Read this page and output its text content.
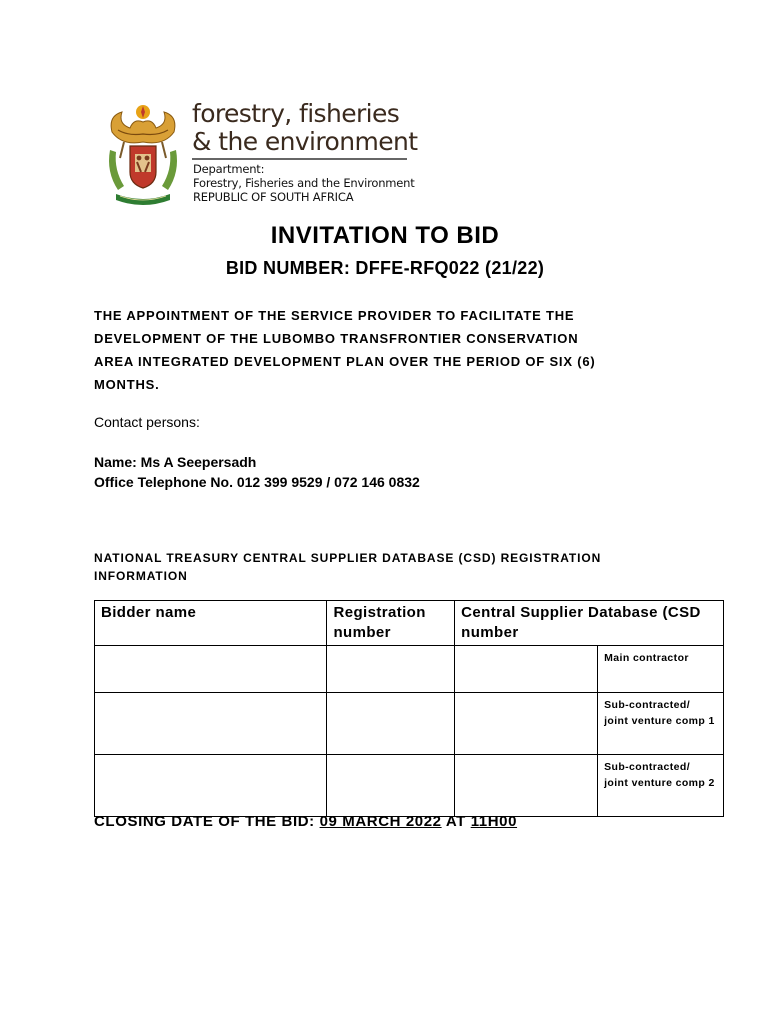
forestry, fisheries
& the environment
Department:
Forestry, Fisheries and the Environment
REPUBLIC OF SOUTH AFRICA
INVITATION TO BID
BID NUMBER: DFFE-RFQ022 (21/22)
THE APPOINTMENT OF THE SERVICE PROVIDER TO FACILITATE THE
DEVELOPMENT OF THE LUBOMBO TRANSFRONTIER CONSERVATION
AREA INTEGRATED DEVELOPMENT PLAN OVER THE PERIOD OF SIX (6)
MONTHS.
Contact persons:
Name: Ms A Seepersadh
Office Telephone No. 012 399 9529 / 072 146 0832
NATIONAL TREASURY CENTRAL SUPPLIER DATABASE (CSD) REGISTRATION
INFORMATION
Bidder name	Registration number	Central Supplier Database (CSD number	
			Main contractor
			Sub-contracted/ joint venture comp 1
			Sub-contracted/ joint venture comp 2
CLOSING DATE OF THE BID: 09 MARCH 2022 AT 11H00
